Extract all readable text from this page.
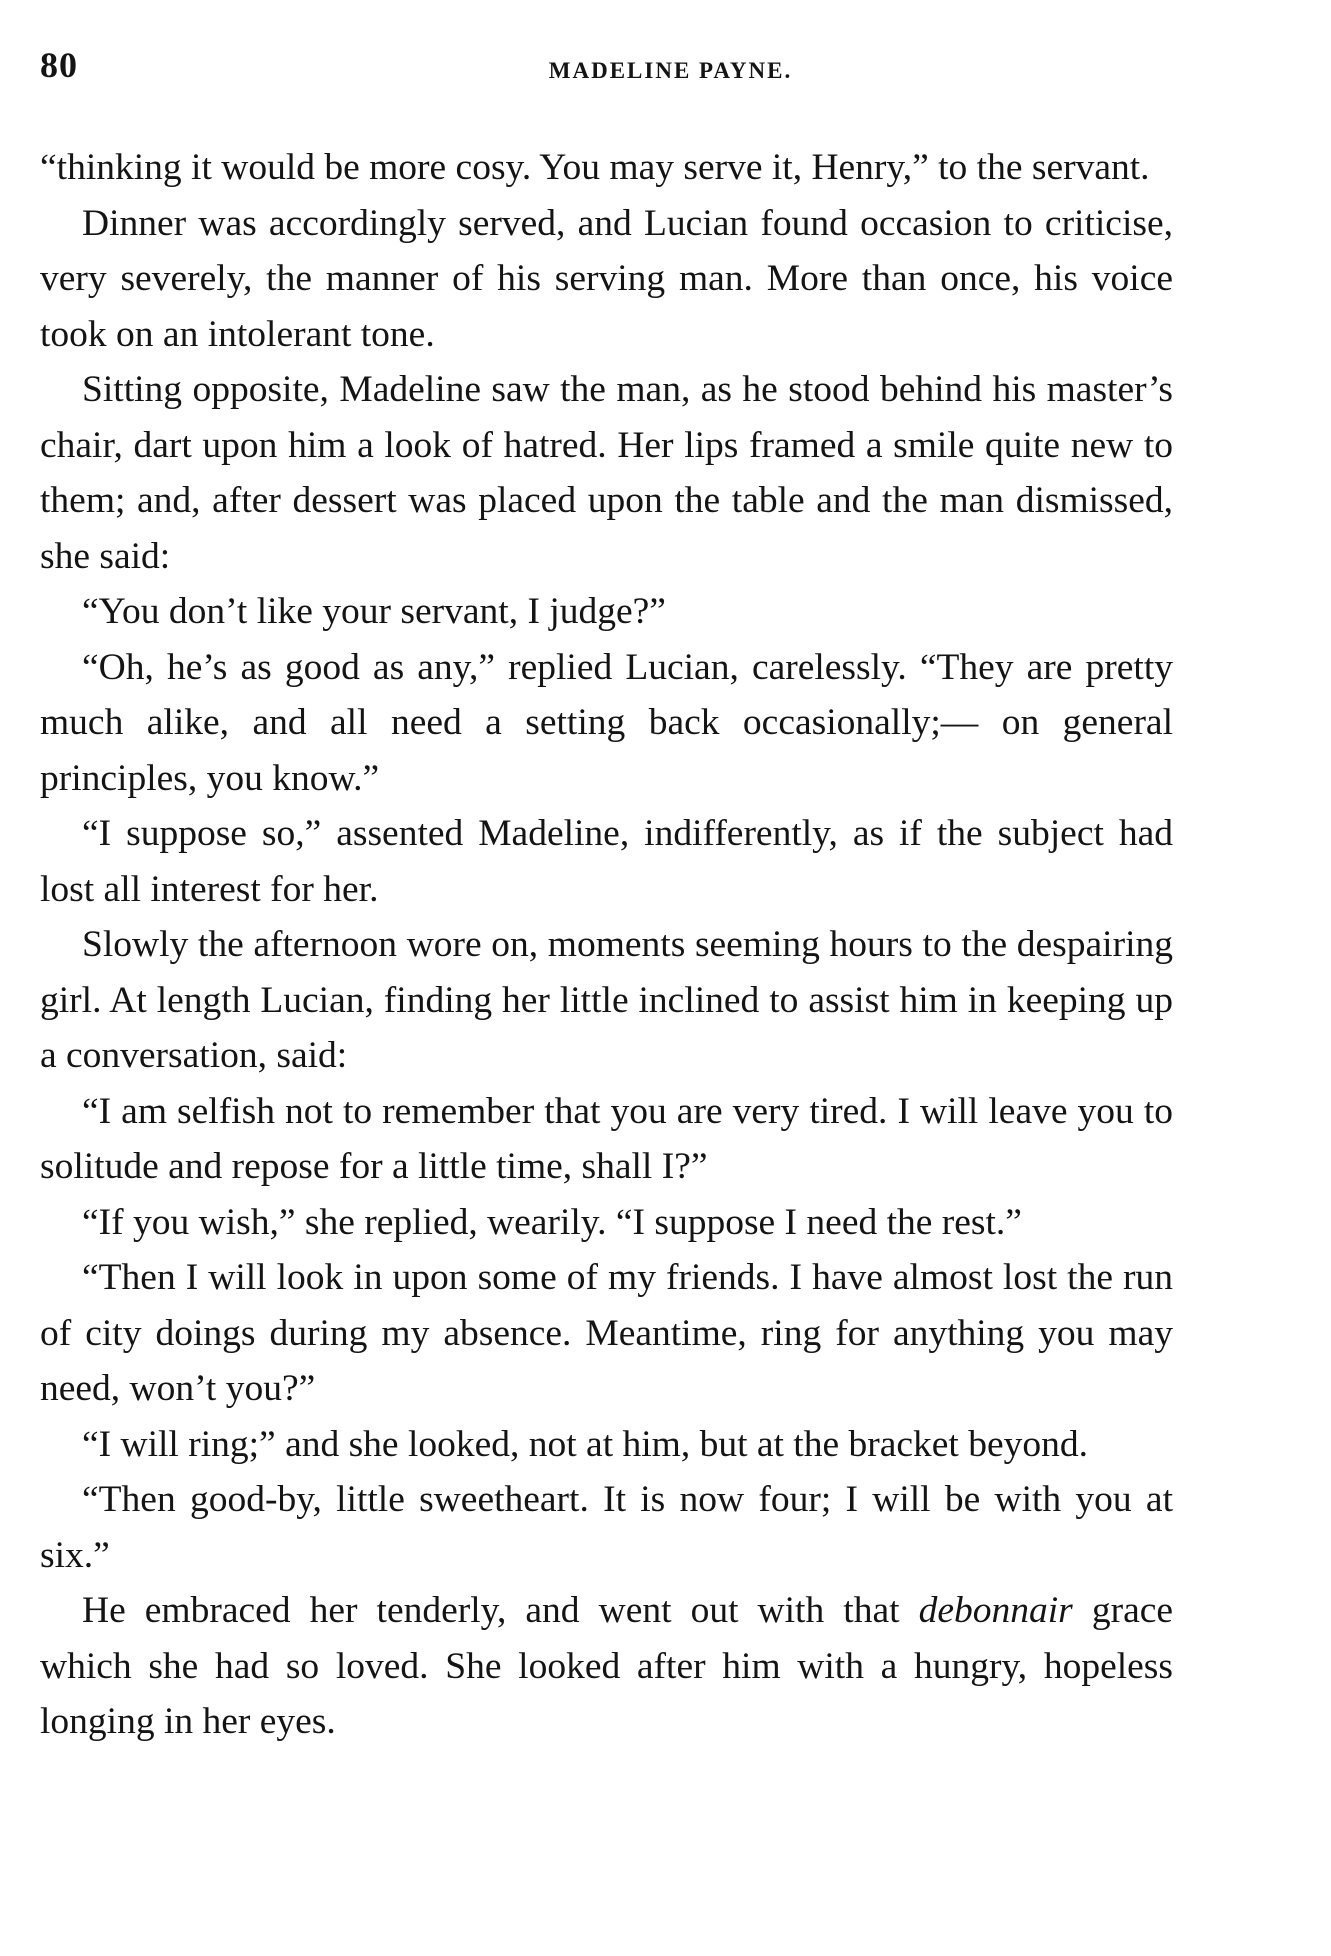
80	MADELINE PAYNE.

“thinking it would be more cosy. You may serve it, Henry,” to the servant.

Dinner was accordingly served, and Lucian found occasion to criticise, very severely, the manner of his serving man. More than once, his voice took on an intolerant tone.

Sitting opposite, Madeline saw the man, as he stood behind his master’s chair, dart upon him a look of hatred. Her lips framed a smile quite new to them; and, after dessert was placed upon the table and the man dismissed, she said:

“You don’t like your servant, I judge?”

“Oh, he’s as good as any,” replied Lucian, carelessly. “They are pretty much alike, and all need a setting back occasionally;— on general principles, you know.”

“I suppose so,” assented Madeline, indifferently, as if the subject had lost all interest for her.

Slowly the afternoon wore on, moments seeming hours to the despairing girl. At length Lucian, finding her little inclined to assist him in keeping up a conversation, said:

“I am selfish not to remember that you are very tired. I will leave you to solitude and repose for a little time, shall I?”

“If you wish,” she replied, wearily. “I suppose I need the rest.”

“Then I will look in upon some of my friends. I have almost lost the run of city doings during my absence. Meantime, ring for anything you may need, won’t you?”

“I will ring;” and she looked, not at him, but at the bracket beyond.

“Then good-by, little sweetheart. It is now four; I will be with you at six.”

He embraced her tenderly, and went out with that debonnair grace which she had so loved. She looked after him with a hungry, hopeless longing in her eyes.
